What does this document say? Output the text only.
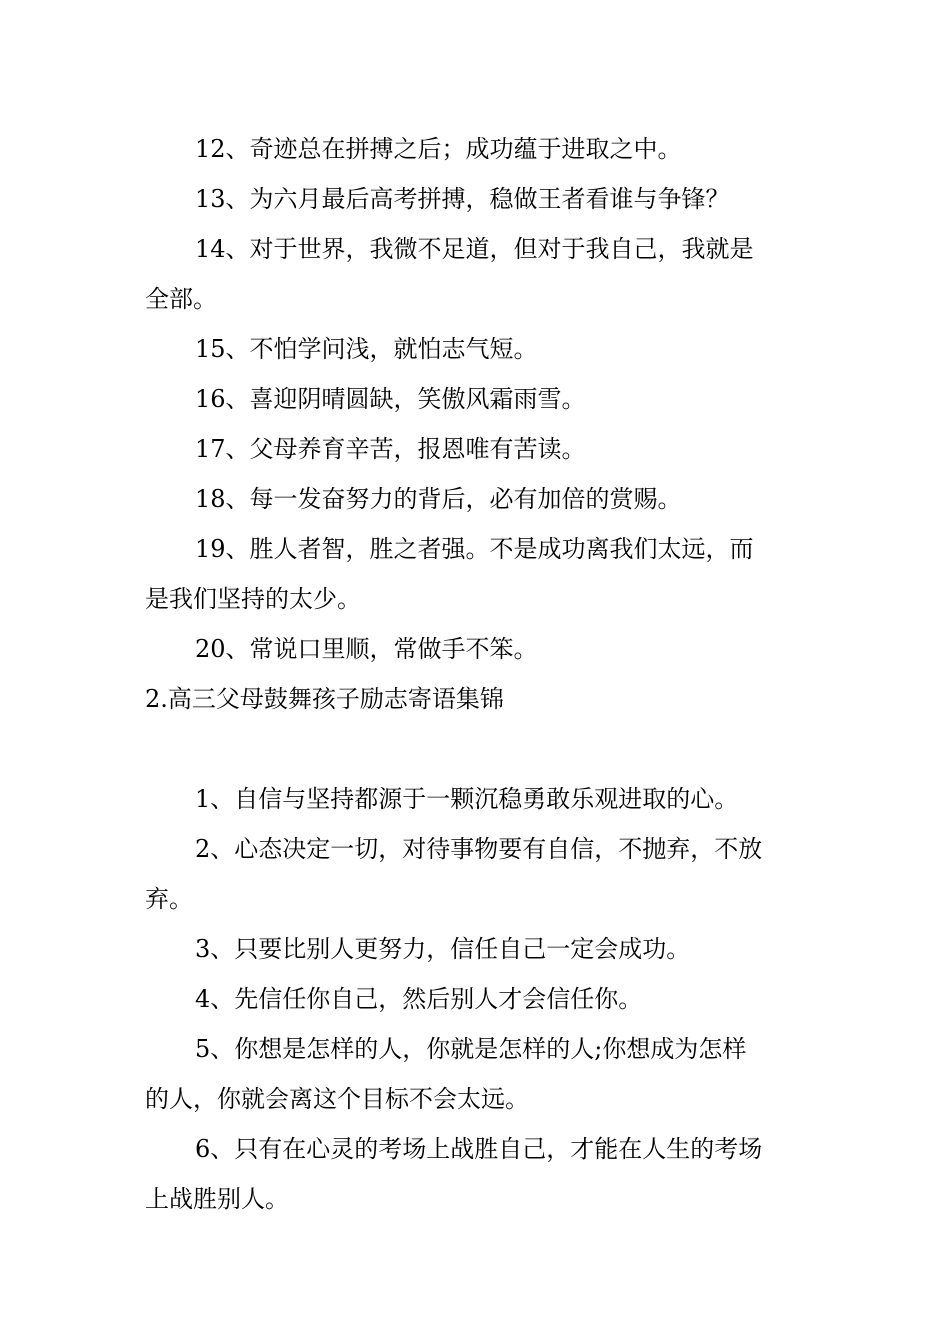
12、奇迹总在拼搏之后；成功蕴于进取之中。
13、为六月最后高考拼搏，稳做王者看谁与争锋？
14、对于世界，我微不足道，但对于我自己，我就是
全部。
15、不怕学问浅，就怕志气短。
16、喜迎阴晴圆缺，笑傲风霜雨雪。
17、父母养育辛苦，报恩唯有苦读。
18、每一发奋努力的背后，必有加倍的赏赐。
19、胜人者智，胜之者强。不是成功离我们太远，而
是我们坚持的太少。
20、常说口里顺，常做手不笨。
2.高三父母鼓舞孩子励志寄语集锦
1、自信与坚持都源于一颗沉稳勇敢乐观进取的心。
2、心态决定一切，对待事物要有自信，不抛弃，不放
弃。
3、只要比别人更努力，信任自己一定会成功。
4、先信任你自己，然后别人才会信任你。
5、你想是怎样的人，你就是怎样的人;你想成为怎样
的人，你就会离这个目标不会太远。
6、只有在心灵的考场上战胜自己，才能在人生的考场
上战胜别人。
